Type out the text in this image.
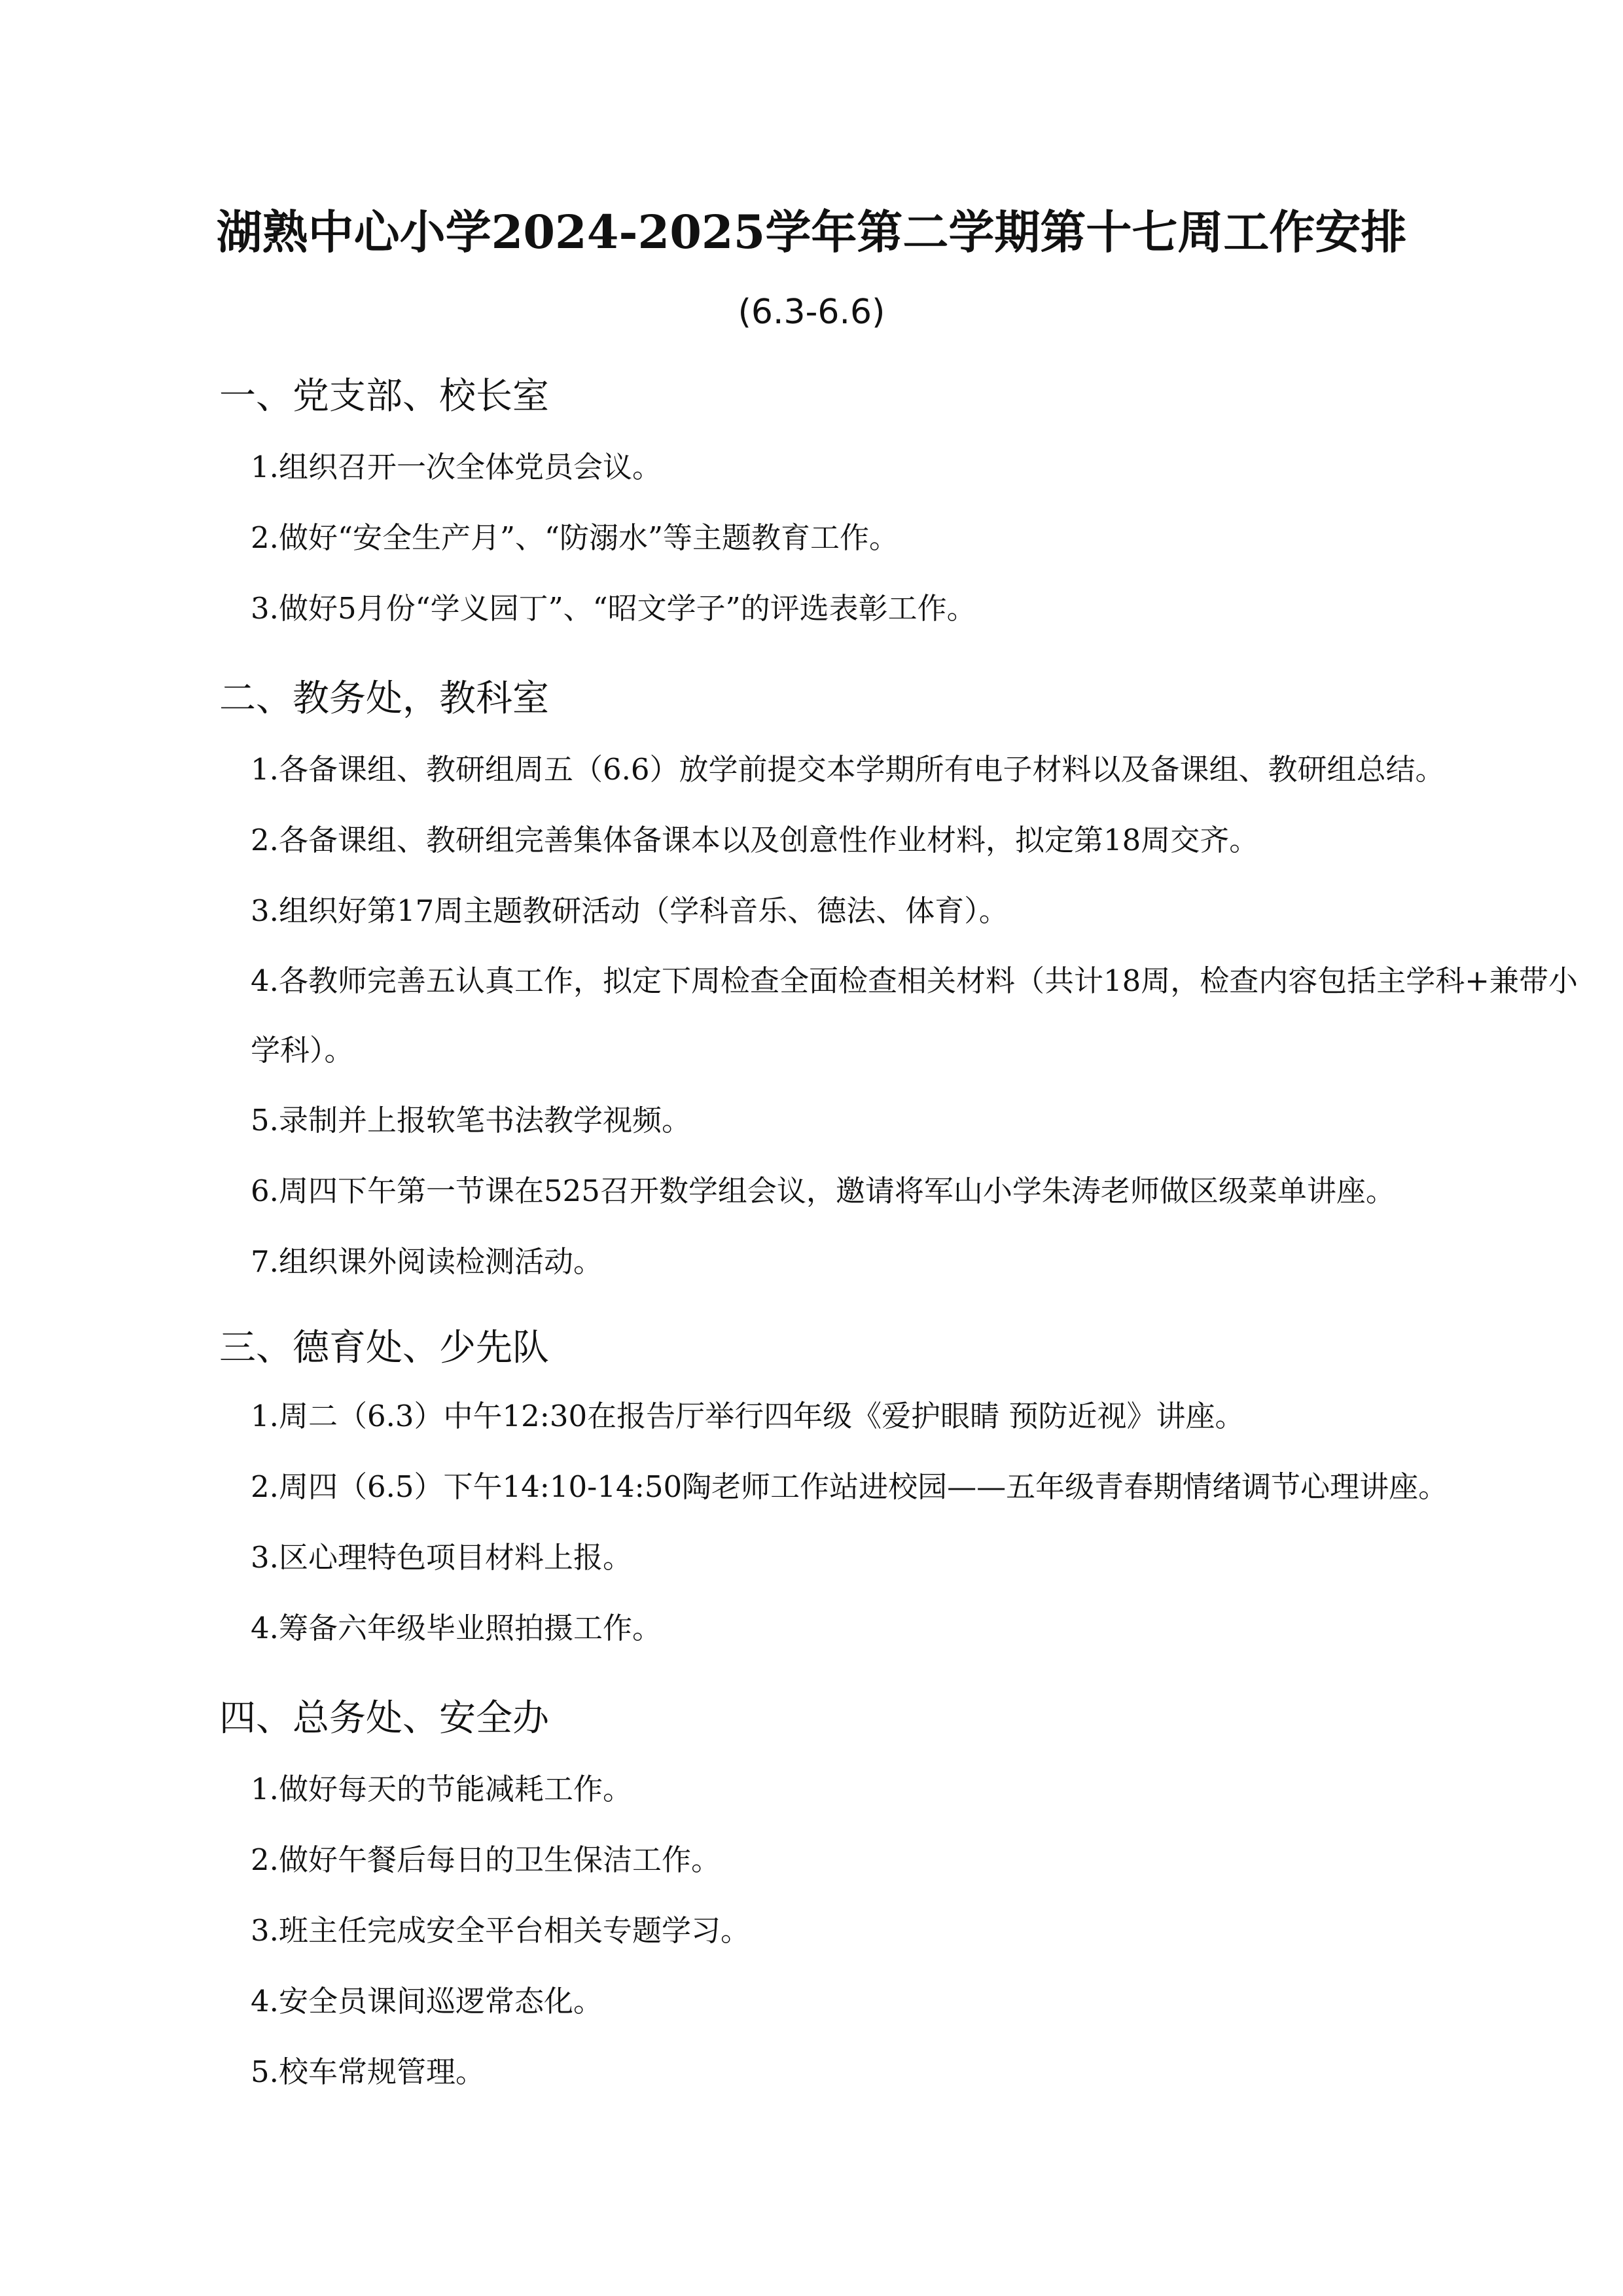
湖熟中心小学2024-2025学年第二学期第十七周工作安排
(6.3-6.6)
一、党支部、校长室
1.组织召开一次全体党员会议。
2.做好“安全生产月”、“防溺水”等主题教育工作。
3.做好5月份“学义园丁”、“昭文学子”的评选表彰工作。
二、教务处，教科室
1.各备课组、教研组周五（6.6）放学前提交本学期所有电子材料以及备课组、教研组总结。
2.各备课组、教研组完善集体备课本以及创意性作业材料，拟定第18周交齐。
3.组织好第17周主题教研活动（学科音乐、德法、体育）。
4.各教师完善五认真工作，拟定下周检查全面检查相关材料（共计18周，检查内容包括主学科+兼带小学科）。
5.录制并上报软笔书法教学视频。
6.周四下午第一节课在525召开数学组会议，邀请将军山小学朱涛老师做区级菜单讲座。
7.组织课外阅读检测活动。
三、德育处、少先队
1.周二（6.3）中午12:30在报告厅举行四年级《爱护眼睛 预防近视》讲座。
2.周四（6.5）下午14:10-14:50陶老师工作站进校园——五年级青春期情绪调节心理讲座。
3.区心理特色项目材料上报。
4.筹备六年级毕业照拍摄工作。
四、总务处、安全办
1.做好每天的节能减耗工作。
2.做好午餐后每日的卫生保洁工作。
3.班主任完成安全平台相关专题学习。
4.安全员课间巡逻常态化。
5.校车常规管理。
